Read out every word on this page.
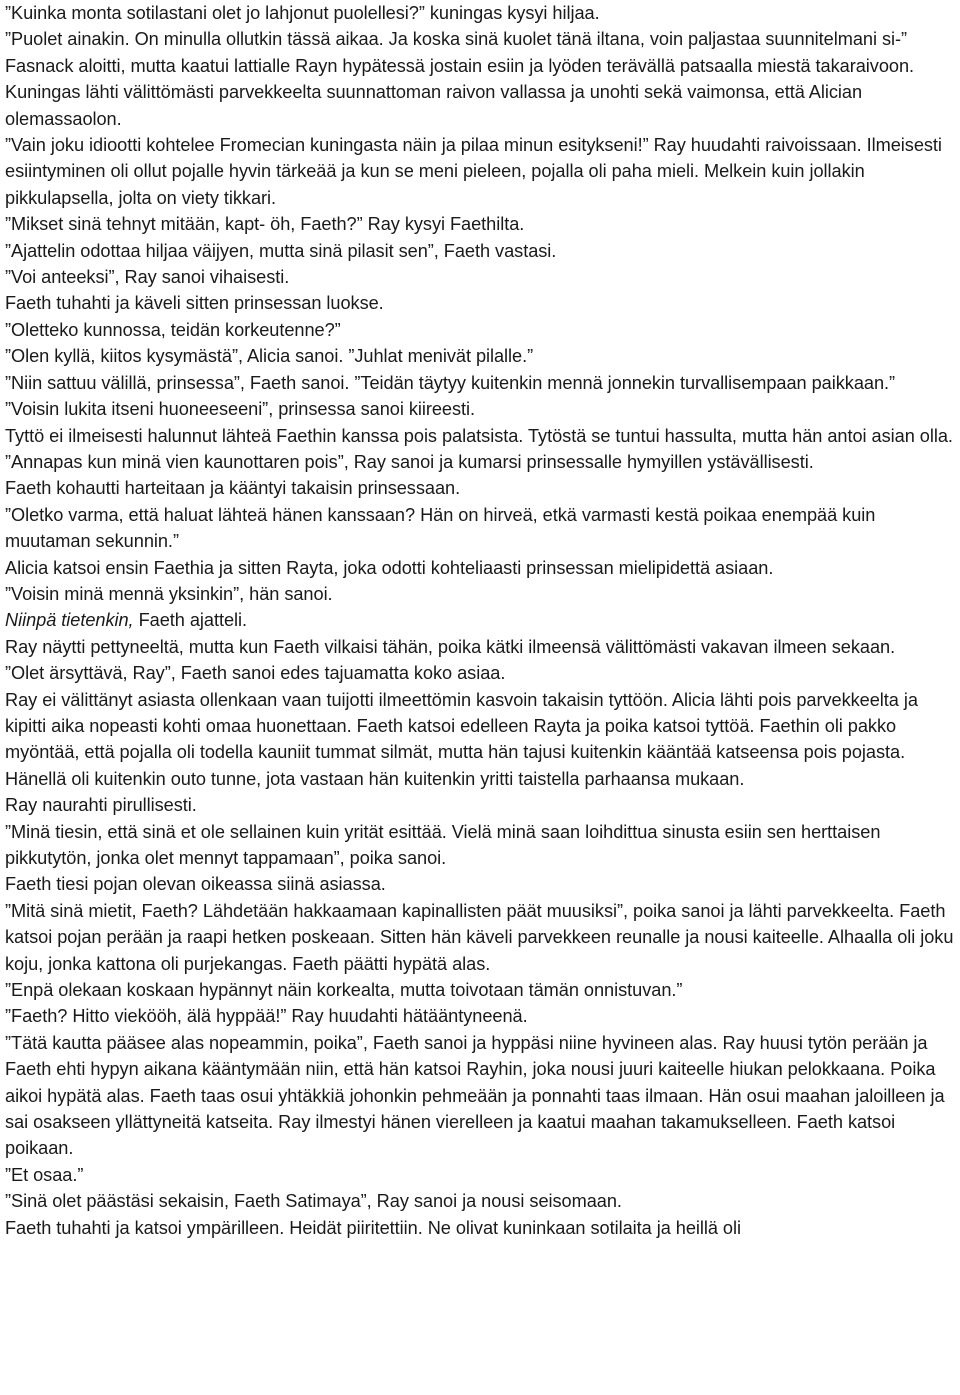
”Kuinka monta sotilastani olet jo lahjonut puolellesi?” kuningas kysyi hiljaa.

”Puolet ainakin. On minulla ollutkin tässä aikaa. Ja koska sinä kuolet tänä iltana, voin paljastaa suunnitelmani si-” Fasnack aloitti, mutta kaatui lattialle Rayn hypätessä jostain esiin ja lyöden terävällä patsaalla miestä takaraivoon. Kuningas lähti välittömästi parvekkeelta suunnattoman raivon vallassa ja unohti sekä vaimonsa, että Alician olemassaolon.

”Vain joku idiootti kohtelee Fromecian kuningasta näin ja pilaa minun esitykseni!” Ray huudahti raivoissaan. Ilmeisesti esiintyminen oli ollut pojalle hyvin tärkeää ja kun se meni pieleen, pojalla oli paha mieli. Melkein kuin jollakin pikkulapsella, jolta on viety tikkari.

”Mikset sinä tehnyt mitään, kapt- öh, Faeth?” Ray kysyi Faethilta.

”Ajattelin odottaa hiljaa väijyen, mutta sinä pilasit sen”, Faeth vastasi.

”Voi anteeksi”, Ray sanoi vihaisesti.

Faeth tuhahti ja käveli sitten prinsessan luokse.

”Oletteko kunnossa, teidän korkeutenne?”

”Olen kyllä, kiitos kysymästä”, Alicia sanoi. ”Juhlat menivät pilalle.”

”Niin sattuu välillä, prinsessa”, Faeth sanoi. ”Teidän täytyy kuitenkin mennä jonnekin turvallisempaan paikkaan.”

”Voisin lukita itseni huoneeseeni”, prinsessa sanoi kiireesti.

Tyttö ei ilmeisesti halunnut lähteä Faethin kanssa pois palatsista. Tytöstä se tuntui hassulta, mutta hän antoi asian olla.

”Annapas kun minä vien kaunottaren pois”, Ray sanoi ja kumarsi prinsessalle hymyillen ystävällisesti.

Faeth kohautti harteitaan ja kääntyi takaisin prinsessaan.

”Oletko varma, että haluat lähteä hänen kanssaan? Hän on hirveä, etkä varmasti kestä poikaa enempää kuin muutaman sekunnin.”

Alicia katsoi ensin Faethia ja sitten Rayta, joka odotti kohteliaasti prinsessan mielipidettä asiaan.

”Voisin minä mennä yksinkin”, hän sanoi.

Niinpä tietenkin, Faeth ajatteli.

Ray näytti pettyneeltä, mutta kun Faeth vilkaisi tähän, poika kätki ilmeensä välittömästi vakavan ilmeen sekaan.

”Olet ärsyttävä, Ray”, Faeth sanoi edes tajuamatta koko asiaa.

Ray ei välittänyt asiasta ollenkaan vaan tuijotti ilmeettömin kasvoin takaisin tyttöön. Alicia lähti pois parvekkeelta ja kipitti aika nopeasti kohti omaa huonettaan. Faeth katsoi edelleen Rayta ja poika katsoi tyttöä. Faethin oli pakko myöntää, että pojalla oli todella kauniit tummat silmät, mutta hän tajusi kuitenkin kääntää katseensa pois pojasta. Hänellä oli kuitenkin outo tunne, jota vastaan hän kuitenkin yritti taistella parhaansa mukaan.

Ray naurahti pirullisesti.

”Minä tiesin, että sinä et ole sellainen kuin yrität esittää. Vielä minä saan loihdittua sinusta esiin sen herttaisen pikkutytön, jonka olet mennyt tappamaan”, poika sanoi.

Faeth tiesi pojan olevan oikeassa siinä asiassa.

”Mitä sinä mietit, Faeth? Lähdetään hakkaamaan kapinallisten päät muusiksi”, poika sanoi ja lähti parvekkeelta. Faeth katsoi pojan perään ja raapi hetken poskeaan. Sitten hän käveli parvekkeen reunalle ja nousi kaiteelle. Alhaalla oli joku koju, jonka kattona oli purjekangas. Faeth päätti hypätä alas.

”Enpä olekaan koskaan hypännyt näin korkealta, mutta toivotaan tämän onnistuvan.”

”Faeth? Hitto viekööh, älä hyppää!” Ray huudahti hätääntyneenä.

”Tätä kautta pääsee alas nopeammin, poika”, Faeth sanoi ja hyppäsi niine hyvineen alas. Ray huusi tytön perään ja Faeth ehti hypyn aikana kääntymään niin, että hän katsoi Rayhin, joka nousi juuri kaiteelle hiukan pelokkaana. Poika aikoi hypätä alas. Faeth taas osui yhtäkkiä johonkin pehmeään ja ponnahti taas ilmaan. Hän osui maahan jaloilleen ja sai osakseen yllättyneitä katseita. Ray ilmestyi hänen vierelleen ja kaatui maahan takamukselleen. Faeth katsoi poikaan.

”Et osaa.”

”Sinä olet päästäsi sekaisin, Faeth Satimaya”, Ray sanoi ja nousi seisomaan.

Faeth tuhahti ja katsoi ympärilleen. Heidät piiritettiin. Ne olivat kuninkaan sotilaita ja heillä oli
